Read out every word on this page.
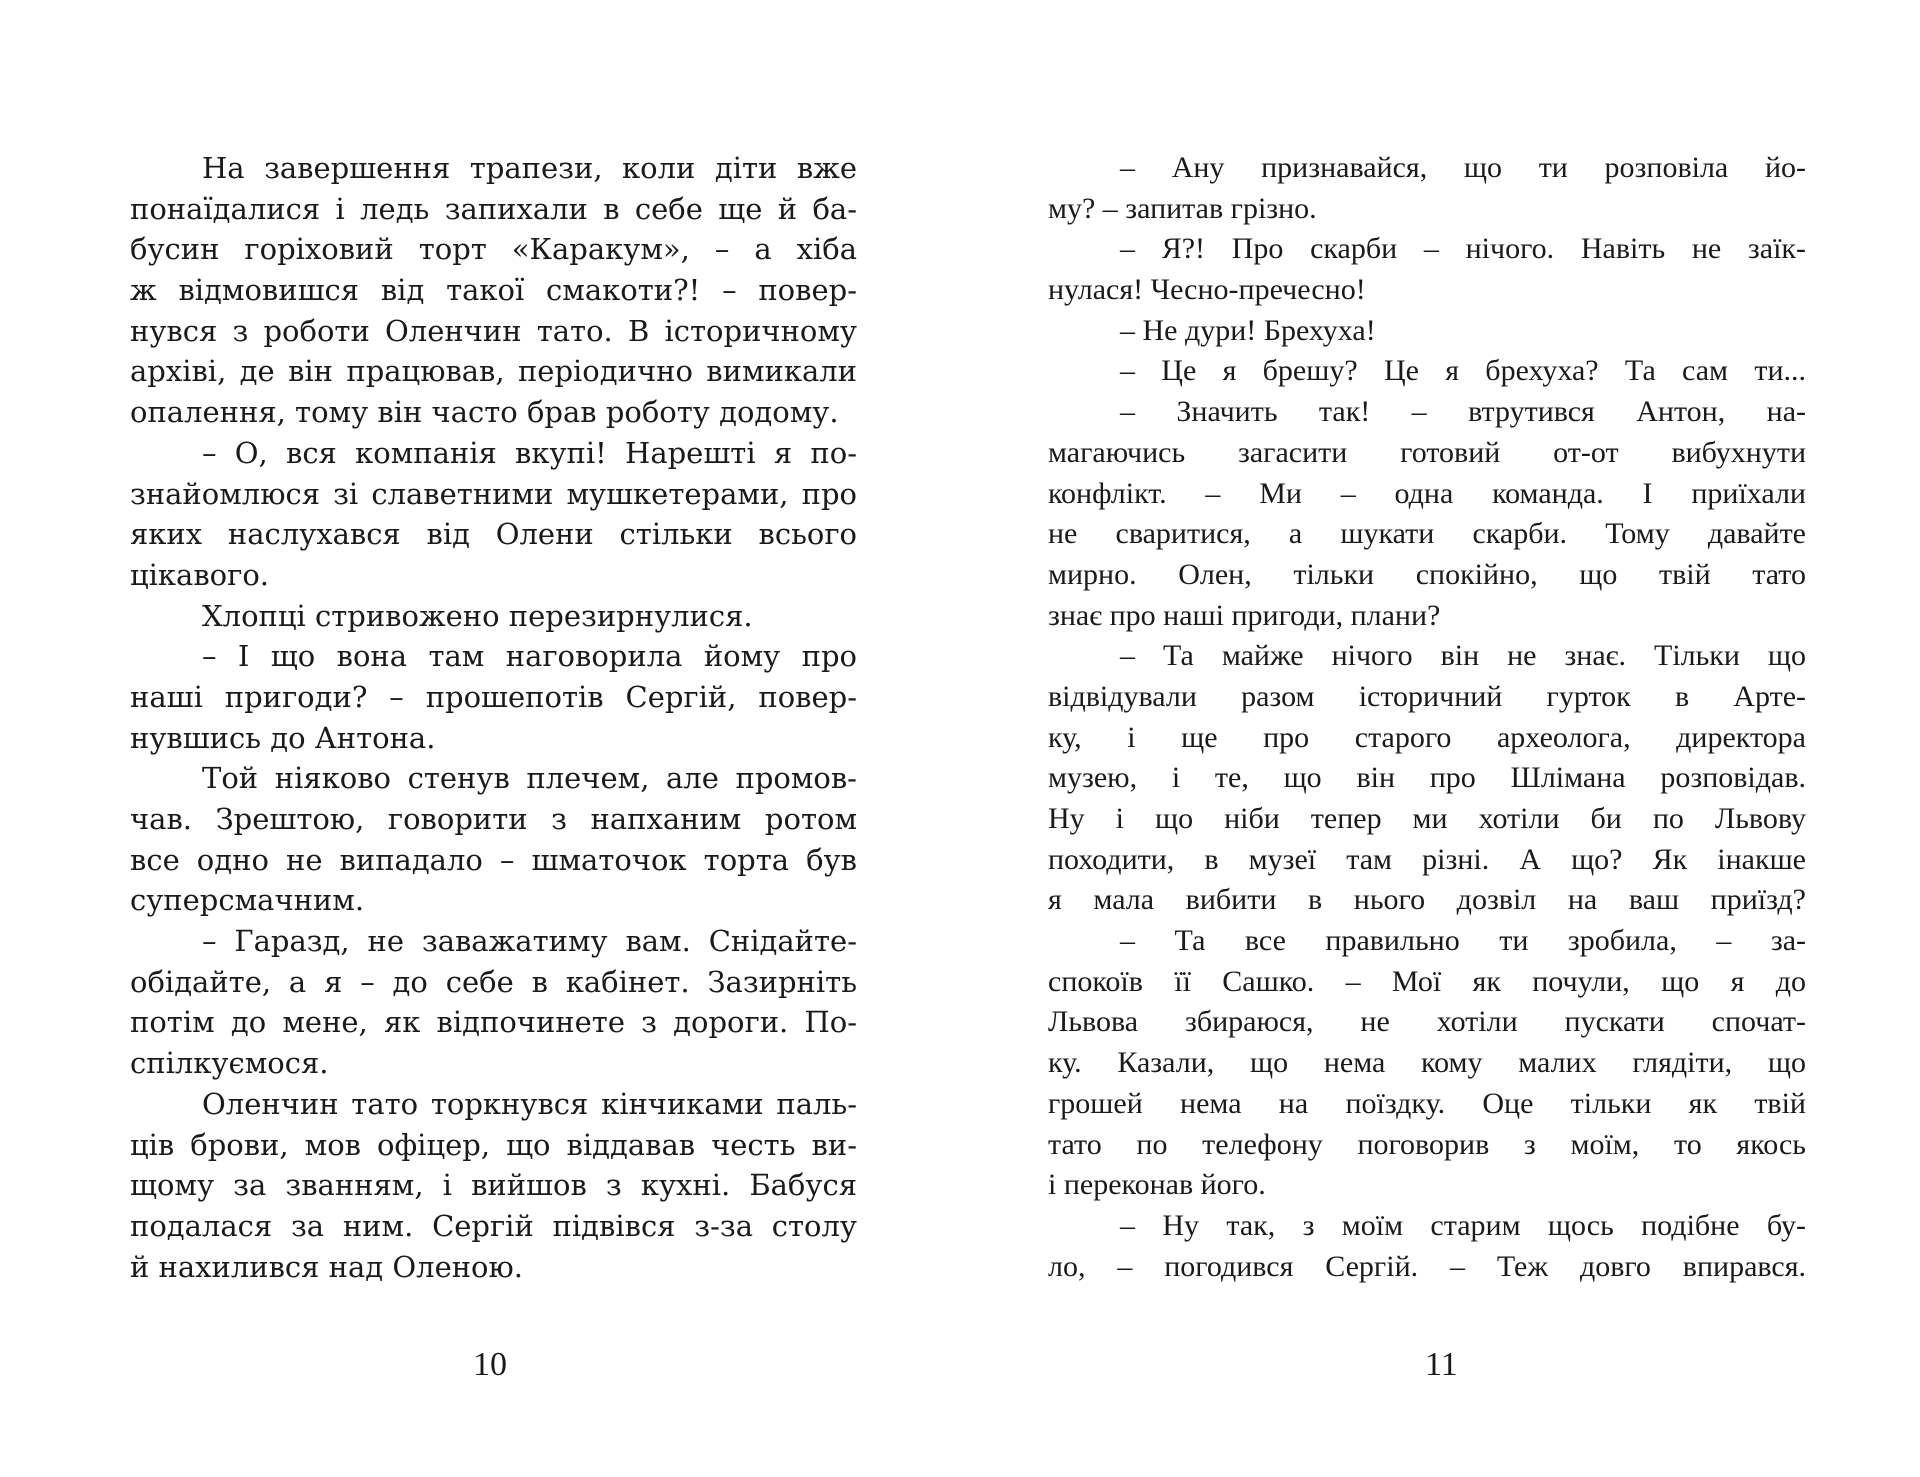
На завершення трапези, коли діти вже
понаїдалися і ледь запихали в себе ще й ба-
бусин горіховий торт «Каракум», – а хіба
ж відмовишся від такої смакоти?! – повер-
нувся з роботи Оленчин тато. В історичному
архіві, де він працював, періодично вимикали
опалення, тому він часто брав роботу додому.
– О, вся компанія вкупі! Нарешті я по-
знайомлюся зі славетними мушкетерами, про
яких наслухався від Олени стільки всього
цікавого.
Хлопці стривожено перезирнулися.
– І що вона там наговорила йому про
наші пригоди? – прошепотів Сергій, повер-
нувшись до Антона.
Той ніяково стенув плечем, але промов-
чав. Зрештою, говорити з напханим ротом
все одно не випадало – шматочок торта був
суперсмачним.
– Гаразд, не заважатиму вам. Снідайте-
обідайте, а я – до себе в кабінет. Зазирніть
потім до мене, як відпочинете з дороги. По-
спілкуємося.
Оленчин тато торкнувся кінчиками паль-
ців брови, мов офіцер, що віддавав честь ви-
щому за званням, і вийшов з кухні. Бабуся
подалася за ним. Сергій підвівся з-за столу
й нахилився над Оленою.
10
– Ану признавайся, що ти розповіла йо-
му? – запитав грізно.
– Я?! Про скарби – нічого. Навіть не заїк-
нулася! Чесно-пречесно!
– Не дури! Брехуха!
– Це я брешу? Це я брехуха? Та сам ти...
– Значить так! – втрутився Антон, на-
магаючись загасити готовий от-от вибухнути
конфлікт. – Ми – одна команда. І приїхали
не сваритися, а шукати скарби. Тому давайте
мирно. Олен, тільки спокійно, що твій тато
знає про наші пригоди, плани?
– Та майже нічого він не знає. Тільки що
відвідували разом історичний гурток в Арте-
ку, і ще про старого археолога, директора
музею, і те, що він про Шлімана розповідав.
Ну і що ніби тепер ми хотіли би по Львову
походити, в музеї там різні. А що? Як інакше
я мала вибити в нього дозвіл на ваш приїзд?
– Та все правильно ти зробила, – за-
спокоїв її Сашко. – Мої як почули, що я до
Львова збираюся, не хотіли пускати спочат-
ку. Казали, що нема кому малих глядіти, що
грошей нема на поїздку. Оце тільки як твій
тато по телефону поговорив з моїм, то якось
і переконав його.
– Ну так, з моїм старим щось подібне бу-
ло, – погодився Сергій. – Теж довго впирався.
11
